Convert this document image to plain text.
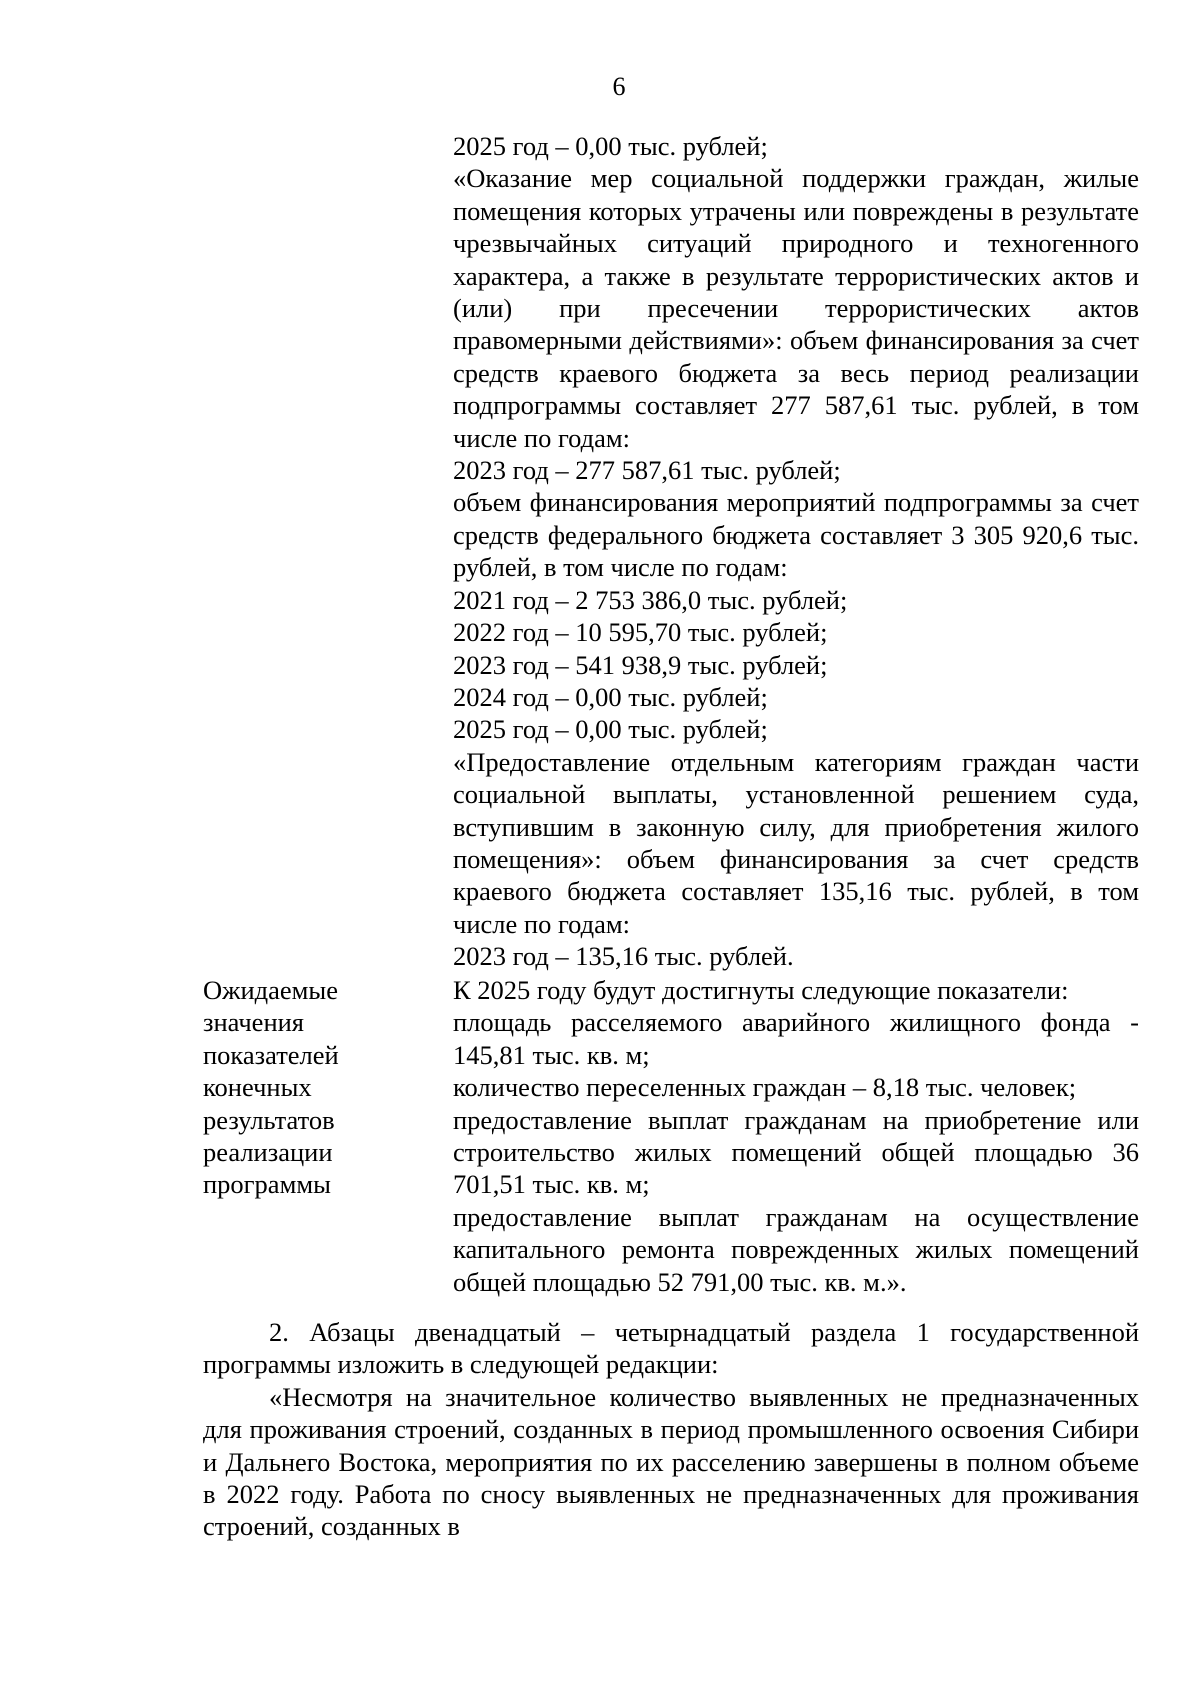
6

2025 год – 0,00 тыс. рублей;

«Оказание мер социальной поддержки граждан, жилые помещения которых утрачены или повреждены в результате чрезвычайных ситуаций природного и техногенного характера, а также в результате террористических актов и (или) при пресечении террористических актов правомерными действиями»: объем финансирования за счет средств краевого бюджета за весь период реализации подпрограммы составляет 277 587,61 тыс. рублей, в том числе по годам:

2023 год – 277 587,61 тыс. рублей;

объем финансирования мероприятий подпрограммы за счет средств федерального бюджета составляет 3 305 920,6 тыс. рублей, в том числе по годам:

2021 год – 2 753 386,0 тыс. рублей;

2022 год – 10 595,70 тыс. рублей;

2023 год – 541 938,9 тыс. рублей;

2024 год – 0,00 тыс. рублей;

2025 год – 0,00 тыс. рублей;

«Предоставление отдельным категориям граждан части социальной выплаты, установленной решением суда, вступившим в законную силу, для приобретения жилого помещения»: объем финансирования за счет средств краевого бюджета составляет 135,16 тыс. рублей, в том числе по годам:

2023 год – 135,16 тыс. рублей.

Ожидаемые

значения

показателей

конечных

результатов

реализации

программы

К 2025 году будут достигнуты следующие показатели:

площадь расселяемого аварийного жилищного фонда - 145,81 тыс. кв. м;

количество переселенных граждан – 8,18 тыс. человек;

предоставление выплат гражданам на приобретение или строительство жилых помещений общей площадью 36 701,51 тыс. кв. м;

предоставление выплат гражданам на осуществление капитального ремонта поврежденных жилых помещений общей площадью 52 791,00 тыс. кв. м.».

2. Абзацы двенадцатый – четырнадцатый раздела 1 государственной программы изложить в следующей редакции:

«Несмотря на значительное количество выявленных не предназначенных для проживания строений, созданных в период промышленного освоения Сибири и Дальнего Востока, мероприятия по их расселению завершены в полном объеме в 2022 году. Работа по сносу выявленных не предназначенных для проживания строений, созданных в
